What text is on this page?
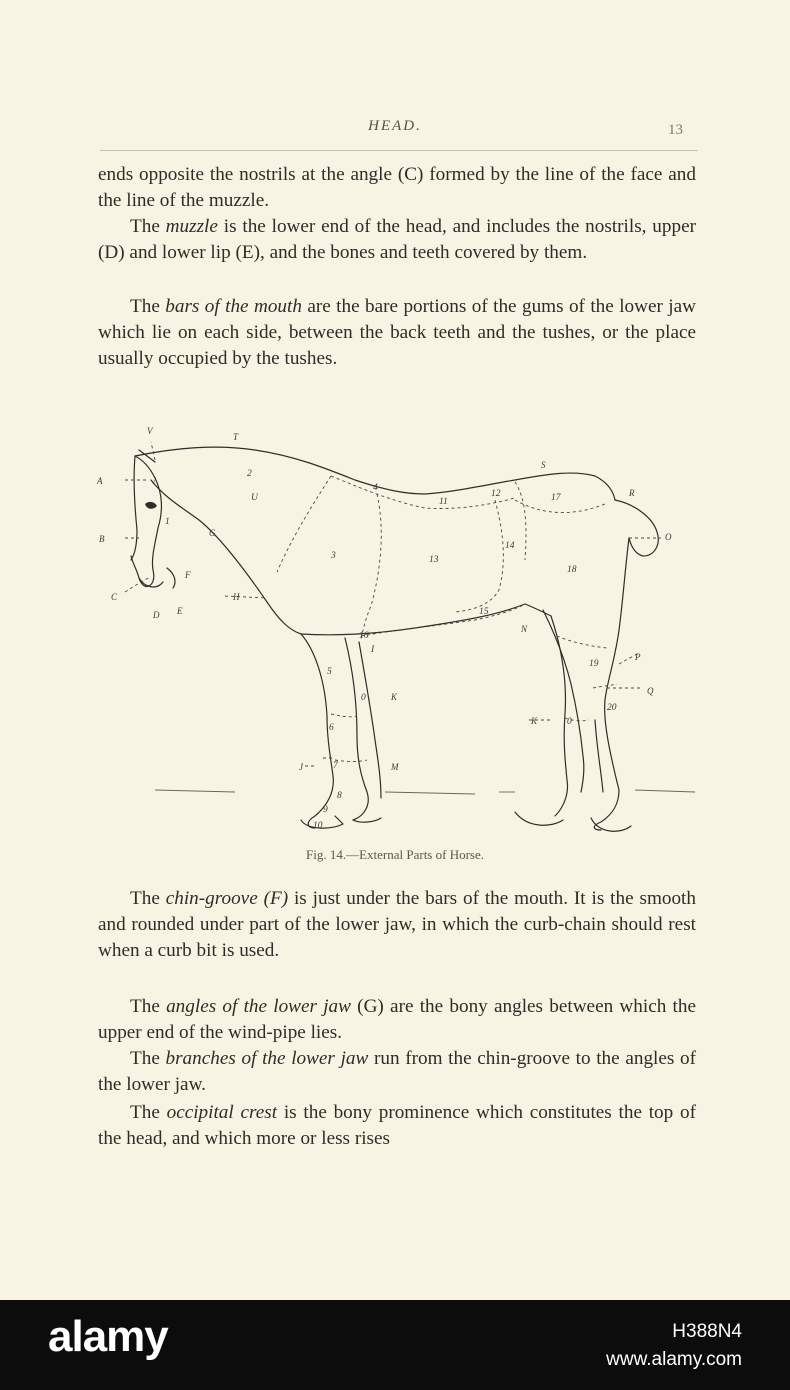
HEAD.	13

ends opposite the nostrils at the angle (C) formed by the line of the face and the line of the muzzle.

The muzzle is the lower end of the head, and includes the nostrils, upper (D) and lower lip (E), and the bones and teeth covered by them.

The bars of the mouth are the bare portions of the gums of the lower jaw which lie on each side, between the back teeth and the tushes, or the place usually occupied by the tushes.

V
T
A
B
C
D E
F
G
H
S
R
O
N
P
Q
K
K
J	M
/
1
2
U
3
4
11
12
13
14
15
16
17
18
19
20
5
6
7
8
9
10
I
0
0
Fig. 14.—External Parts of Horse.

The chin-groove (F) is just under the bars of the mouth. It is the smooth and rounded under part of the lower jaw, in which the curb-chain should rest when a curb bit is used.

The angles of the lower jaw (G) are the bony angles between which the upper end of the wind-pipe lies.

The branches of the lower jaw run from the chin-groove to the angles of the lower jaw.

The occipital crest is the bony prominence which constitutes the top of the head, and which more or less rises

alamy	H388N4
www.alamy.com
